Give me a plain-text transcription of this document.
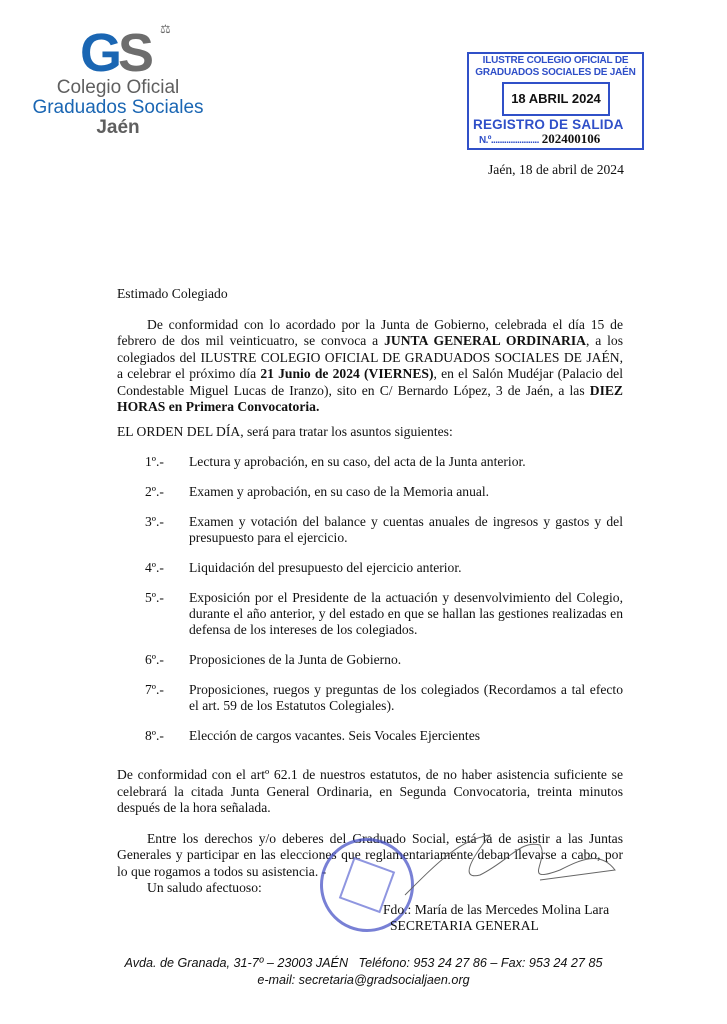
GS ⚖
Colegio Oficial
Graduados Sociales
Jaén
ILUSTRE COLEGIO OFICIAL DE
GRADUADOS SOCIALES DE JAÉN
18 ABRIL 2024
REGISTRO DE SALIDA
N.º...................... 202400106
Jaén, 18 de abril de 2024

Estimado Colegiado

De conformidad con lo acordado por la Junta de Gobierno, celebrada el día 15 de febrero de dos mil veinticuatro, se convoca a JUNTA GENERAL ORDINARIA, a los colegiados del ILUSTRE COLEGIO OFICIAL DE GRADUADOS SOCIALES DE JAÉN, a celebrar el próximo día 21 Junio de 2024 (VIERNES), en el Salón Mudéjar (Palacio del Condestable Miguel Lucas de Iranzo), sito en C/ Bernardo López, 3 de Jaén, a las DIEZ HORAS en Primera Convocatoria.

EL ORDEN DEL DÍA, será para tratar los asuntos siguientes:

1º.- Lectura y aprobación, en su caso, del acta de la Junta anterior.
2º.- Examen y aprobación, en su caso de la Memoria anual.
3º.- Examen y votación del balance y cuentas anuales de ingresos y gastos y del presupuesto para el ejercicio.
4º.- Liquidación del presupuesto del ejercicio anterior.
5º.- Exposición por el Presidente de la actuación y desenvolvimiento del Colegio, durante el año anterior, y del estado en que se hallan las gestiones realizadas en defensa de los intereses de los colegiados.
6º.- Proposiciones de la Junta de Gobierno.
7º.- Proposiciones, ruegos y preguntas de los colegiados (Recordamos a tal efecto el art. 59 de los Estatutos Colegiales).
8º.- Elección de cargos vacantes. Seis Vocales Ejercientes

De conformidad con el artº 62.1 de nuestros estatutos, de no haber asistencia suficiente se celebrará la citada Junta General Ordinaria, en Segunda Convocatoria, treinta minutos después de la hora señalada.

Entre los derechos y/o deberes del Graduado Social, está la de asistir a las Juntas Generales y participar en las elecciones que reglamentariamente deban llevarse a cabo, por lo que rogamos a todos su asistencia. -

Un saludo afectuoso:

Fdo.: María de las Mercedes Molina Lara
SECRETARIA GENERAL
Avda. de Granada, 31-7º – 23003 JAÉN   Teléfono: 953 24 27 86 – Fax: 953 24 27 85
e-mail: secretaria@gradsocialjaen.org
